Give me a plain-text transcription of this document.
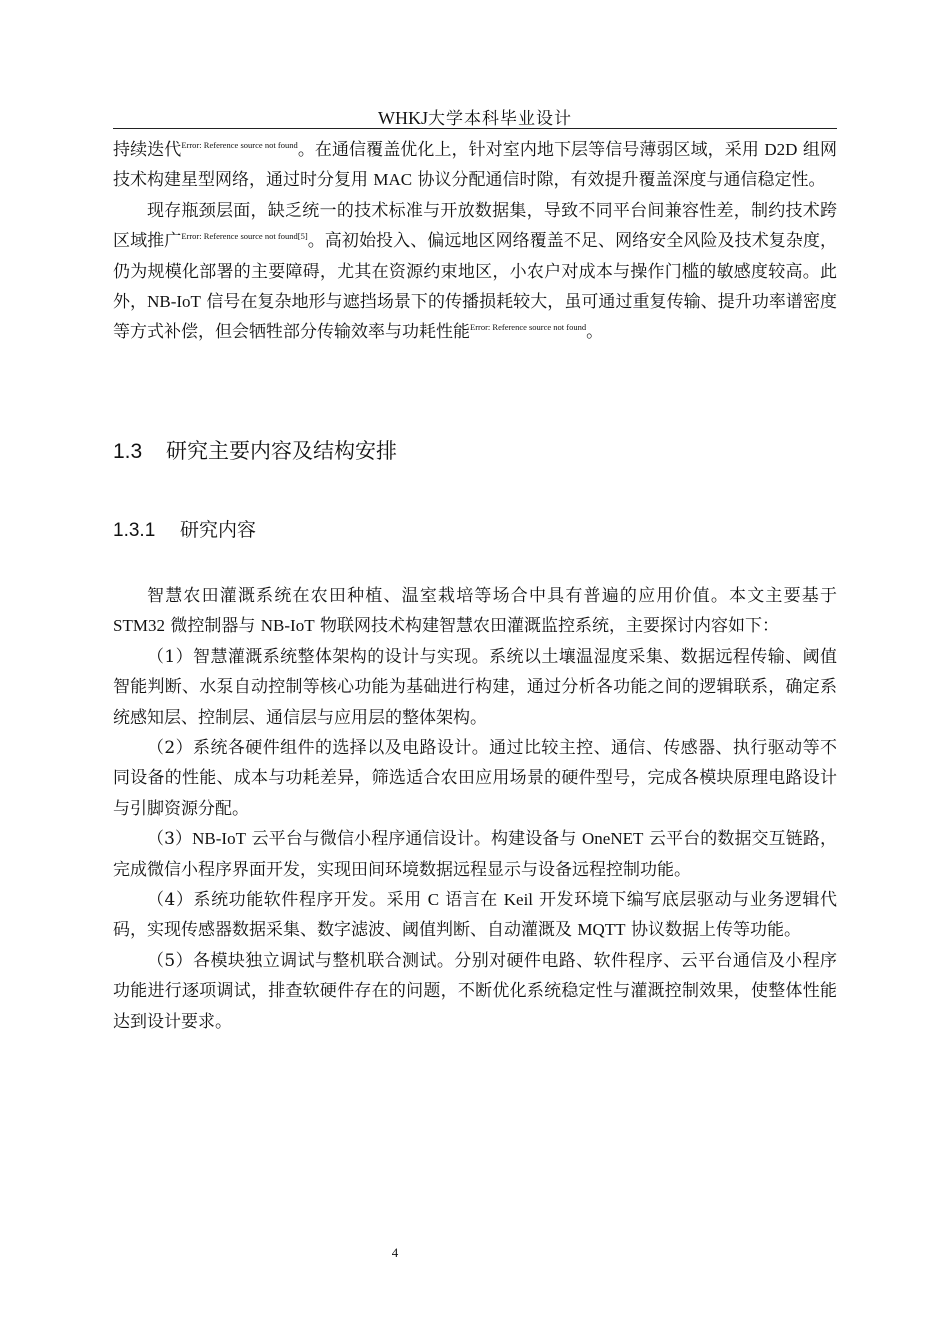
WHKJ大学本科毕业设计

持续迭代$^{Error: Reference source not found}$。在通信覆盖优化上，针对室内地下层等信号薄弱区域，采用 D2D 组网技术构建星型网络，通过时分复用 MAC 协议分配通信时隙，有效提升覆盖深度与通信稳定性。

现存瓶颈层面，缺乏统一的技术标准与开放数据集，导致不同平台间兼容性差，制约技术跨区域推广$^{Error: Reference source not found[5]}$。高初始投入、偏远地区网络覆盖不足、网络安全风险及技术复杂度，仍为规模化部署的主要障碍，尤其在资源约束地区，小农户对成本与操作门槛的敏感度较高。此外，NB-IoT 信号在复杂地形与遮挡场景下的传播损耗较大，虽可通过重复传输、提升功率谱密度等方式补偿，但会牺牲部分传输效率与功耗性能$^{Error: Reference source not found}$。

1.3 研究主要内容及结构安排
1.3.1 研究内容

智慧农田灌溉系统在农田种植、温室栽培等场合中具有普遍的应用价值。本文主要基于 STM32 微控制器与 NB-IoT 物联网技术构建智慧农田灌溉监控系统，主要探讨内容如下：

（1）智慧灌溉系统整体架构的设计与实现。系统以土壤温湿度采集、数据远程传输、阈值智能判断、水泵自动控制等核心功能为基础进行构建，通过分析各功能之间的逻辑联系，确定系统感知层、控制层、通信层与应用层的整体架构。

（2）系统各硬件组件的选择以及电路设计。通过比较主控、通信、传感器、执行驱动等不同设备的性能、成本与功耗差异，筛选适合农田应用场景的硬件型号，完成各模块原理电路设计与引脚资源分配。

（3）NB-IoT 云平台与微信小程序通信设计。构建设备与 OneNET 云平台的数据交互链路，完成微信小程序界面开发，实现田间环境数据远程显示与设备远程控制功能。

（4）系统功能软件程序开发。采用 C 语言在 Keil 开发环境下编写底层驱动与业务逻辑代码，实现传感器数据采集、数字滤波、阈值判断、自动灌溉及 MQTT 协议数据上传等功能。

（5）各模块独立调试与整机联合测试。分别对硬件电路、软件程序、云平台通信及小程序功能进行逐项调试，排查软硬件存在的问题，不断优化系统稳定性与灌溉控制效果，使整体性能达到设计要求。

4
